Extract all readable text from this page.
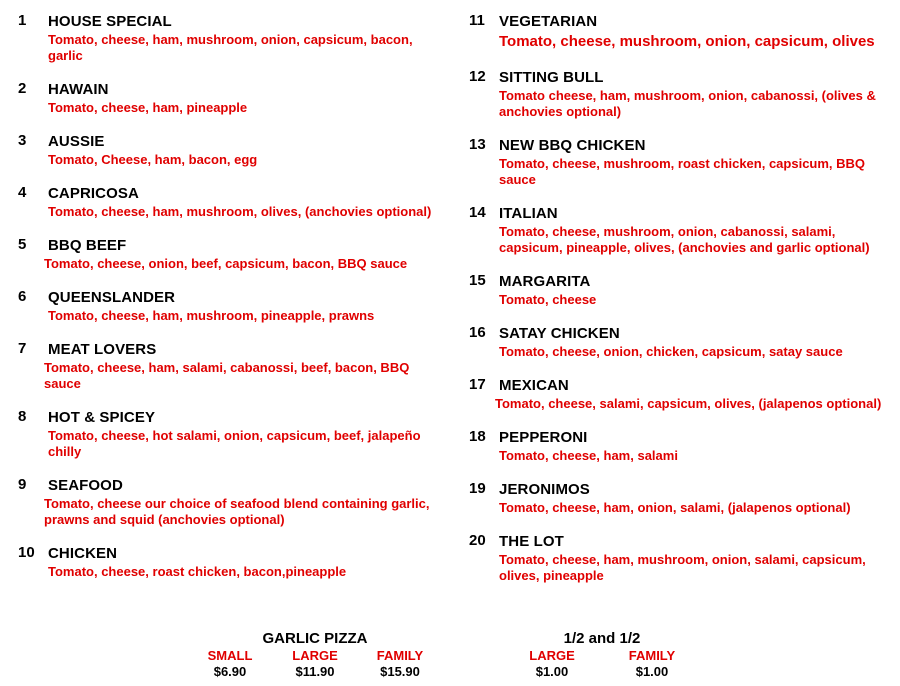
1 HOUSE SPECIAL
Tomato, cheese, ham, mushroom, onion, capsicum, bacon, garlic
2 HAWAIN
Tomato, cheese, ham, pineapple
3 AUSSIE
Tomato, Cheese, ham, bacon, egg
4 CAPRICOSA
Tomato, cheese, ham, mushroom, olives, (anchovies optional)
5 BBQ BEEF
Tomato, cheese, onion, beef, capsicum, bacon, BBQ sauce
6 QUEENSLANDER
Tomato, cheese, ham, mushroom, pineapple, prawns
7 MEAT LOVERS
Tomato, cheese, ham, salami, cabanossi, beef, bacon, BBQ sauce
8 HOT & SPICEY
Tomato, cheese, hot salami, onion, capsicum, beef, jalapeño chilly
9 SEAFOOD
Tomato, cheese our choice of seafood blend containing garlic, prawns and squid (anchovies optional)
10 CHICKEN
Tomato, cheese, roast chicken, bacon,pineapple
11 VEGETARIAN
Tomato, cheese, mushroom, onion, capsicum, olives
12 SITTING BULL
Tomato cheese, ham, mushroom, onion, cabanossi, (olives & anchovies optional)
13 NEW BBQ CHICKEN
Tomato, cheese, mushroom, roast chicken, capsicum, BBQ sauce
14 ITALIAN
Tomato, cheese, mushroom, onion, cabanossi, salami, capsicum, pineapple, olives, (anchovies and garlic optional)
15 MARGARITA
Tomato, cheese
16 SATAY CHICKEN
Tomato, cheese, onion, chicken, capsicum, satay sauce
17 MEXICAN
Tomato, cheese, salami, capsicum, olives, (jalapenos optional)
18 PEPPERONI
Tomato, cheese, ham, salami
19 JERONIMOS
Tomato, cheese, ham, onion, salami, (jalapenos optional)
20 THE LOT
Tomato, cheese, ham, mushroom, onion, salami, capsicum, olives, pineapple
GARLIC PIZZA
SMALL
$6.90
LARGE
$11.90
FAMILY
$15.90
1/2 and 1/2
LARGE
$1.00
FAMILY
$1.00
